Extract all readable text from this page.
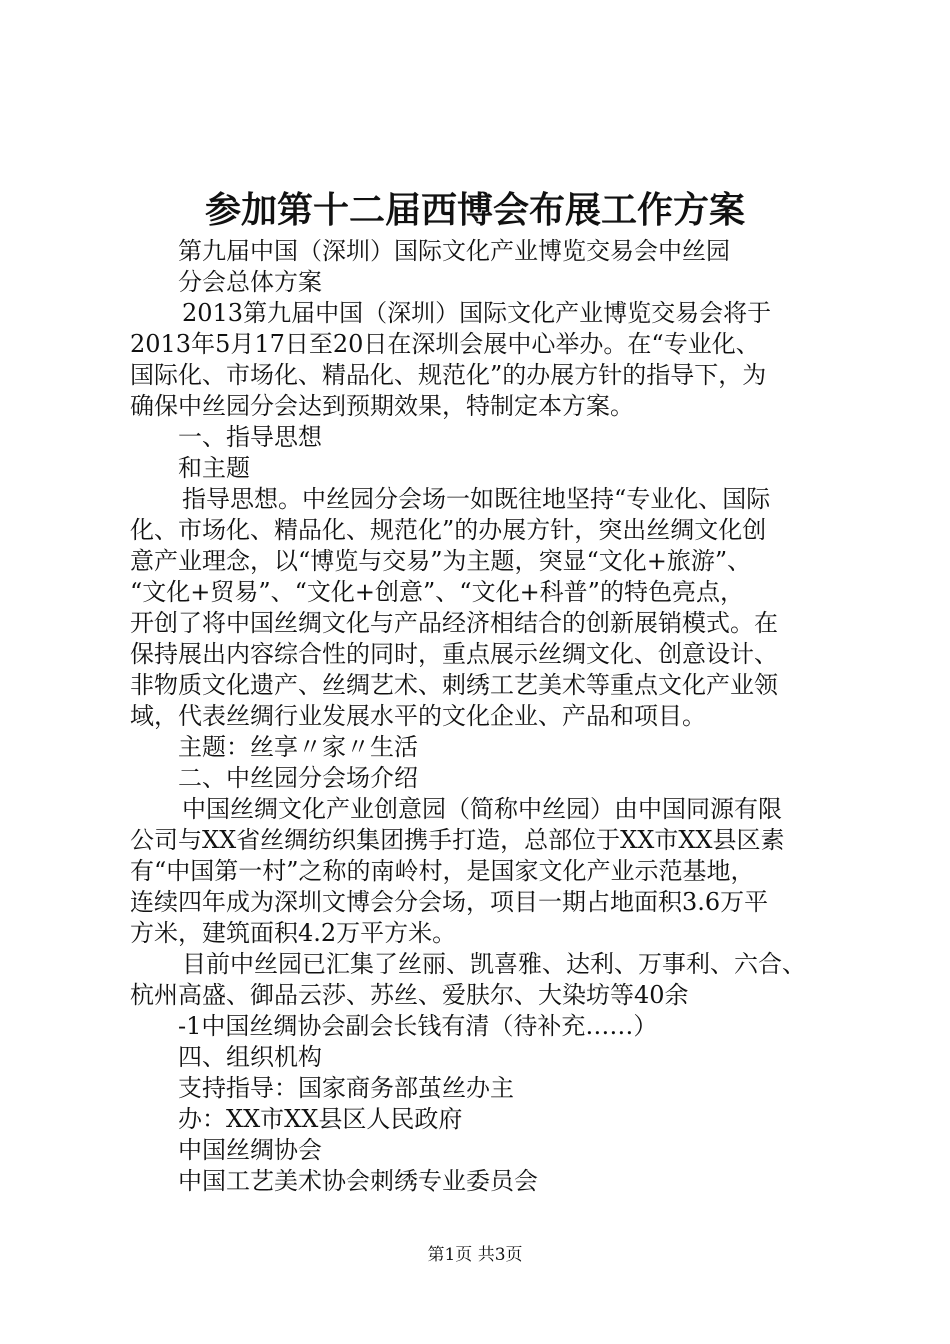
参加第十二届西博会布展工作方案
第九届中国（深圳）国际文化产业博览交易会中丝园
分会总体方案
2013第九届中国（深圳）国际文化产业博览交易会将于
2013年5月17日至20日在深圳会展中心举办。在“专业化、
国际化、市场化、精品化、规范化”的办展方针的指导下，为
确保中丝园分会达到预期效果，特制定本方案。
一、指导思想
和主题
指导思想。中丝园分会场一如既往地坚持“专业化、国际
化、市场化、精品化、规范化”的办展方针，突出丝绸文化创
意产业理念，以“博览与交易”为主题，突显“文化+旅游”、
“文化+贸易”、“文化+创意”、“文化+科普”的特色亮点，
开创了将中国丝绸文化与产品经济相结合的创新展销模式。在
保持展出内容综合性的同时，重点展示丝绸文化、创意设计、
非物质文化遗产、丝绸艺术、刺绣工艺美术等重点文化产业领
域，代表丝绸行业发展水平的文化企业、产品和项目。
主题：丝享〃家〃生活
二、中丝园分会场介绍
中国丝绸文化产业创意园（简称中丝园）由中国同源有限
公司与XX省丝绸纺织集团携手打造，总部位于XX市XX县区素
有“中国第一村”之称的南岭村，是国家文化产业示范基地，
连续四年成为深圳文博会分会场，项目一期占地面积3.6万平
方米，建筑面积4.2万平方米。
目前中丝园已汇集了丝丽、凯喜雅、达利、万事利、六合、
杭州高盛、御品云莎、苏丝、爱肤尔、大染坊等40余
-1中国丝绸协会副会长钱有清（待补充……）
四、组织机构
支持指导：国家商务部茧丝办主
办：XX市XX县区人民政府
中国丝绸协会
中国工艺美术协会刺绣专业委员会
第1页 共3页
